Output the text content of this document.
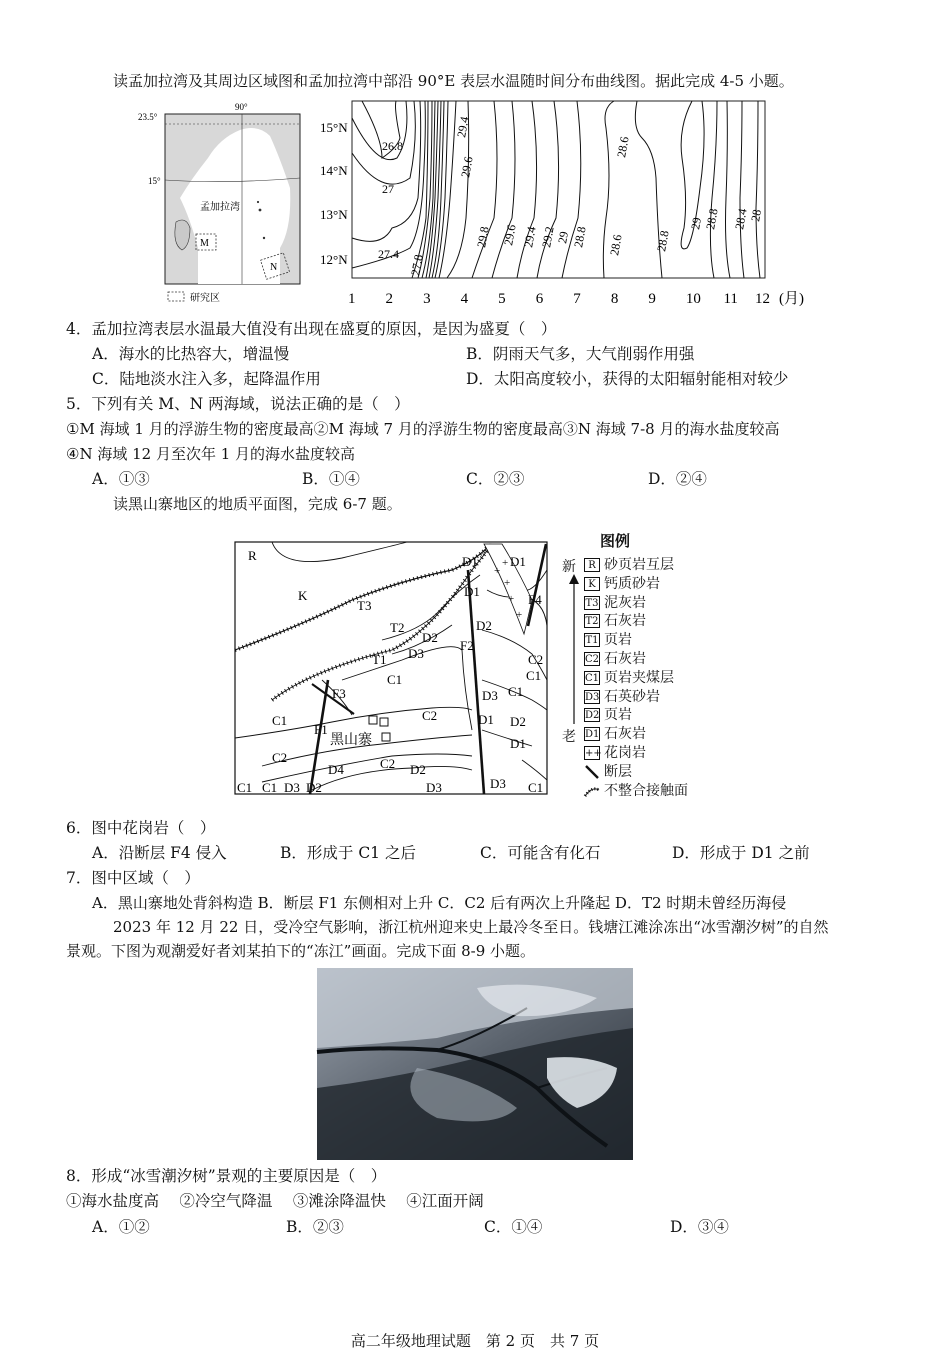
读孟加拉湾及其周边区域图和孟加拉湾中部沿 90°E 表层水温随时间分布曲线图。据此完成 4-5 小题。
23.5°
90°
15°
孟加拉湾
M
N
研究区
15°N
14°N
13°N
12°N
1 2 3 4 5 6 7 8 9 10 11 12 (月)
26.8
27
27.4 27.8
29.4
29.6
29.8 29.6 29.4 29.2
29 28.8 28.6
28.6
28.8
29 28.8 28.4
28
4．孟加拉湾表层水温最大值没有出现在盛夏的原因，是因为盛夏（　）
A．海水的比热容大，增温慢	B．阴雨天气多，大气削弱作用强
C．陆地淡水注入多，起降温作用	D．太阳高度较小，获得的太阳辐射能相对较少
5．下列有关 M、N 两海域，说法正确的是（　）
①M 海域 1 月的浮游生物的密度最高②M 海域 7 月的浮游生物的密度最高③N 海域 7-8 月的海水盐度较高
④N 海域 12 月至次年 1 月的海水盐度较高
A．①③	B．①④	C．②③	D．②④
读黑山寨地区的地质平面图，完成 6-7 题。
+
+
+
+
+
黑山寨
R
K
T3
T2
D2
D3
T1
F3
C1
F2
D1
D2
C2
C1
F1
C2
D2
D3
D1
C2
C1
D4
D2
C1 D3
D2
D1
D3 C1
D1
D1
F4
C1
C2
D3 C1
图例
新
老
R 砂页岩互层
K 钙质砂岩
T3 泥灰岩
T2 石灰岩
T1 页岩
C2 石灰岩
C1 页岩夹煤层
D3 石英砂岩
D2 页岩
D1 石灰岩
++ 花岗岩
断层
不整合接触面
6．图中花岗岩（　）
A．沿断层 F4 侵入	B．形成于 C1 之后	C．可能含有化石	D．形成于 D1 之前
7．图中区域（　）
A．黑山寨地处背斜构造 B．断层 F1 东侧相对上升 C．C2 后有两次上升隆起 D．T2 时期未曾经历海侵
2023 年 12 月 22 日，受冷空气影响，浙江杭州迎来史上最冷冬至日。钱塘江滩涂冻出“冰雪潮汐树”的自然
景观。下图为观潮爱好者刘某拍下的“冻江”画面。完成下面 8-9 小题。
8．形成“冰雪潮汐树”景观的主要原因是（　）
①海水盐度高　 ②冷空气降温　 ③滩涂降温快　 ④江面开阔
A．①②	B．②③	C．①④	D．③④
高二年级地理试题　第 2 页　共 7 页
